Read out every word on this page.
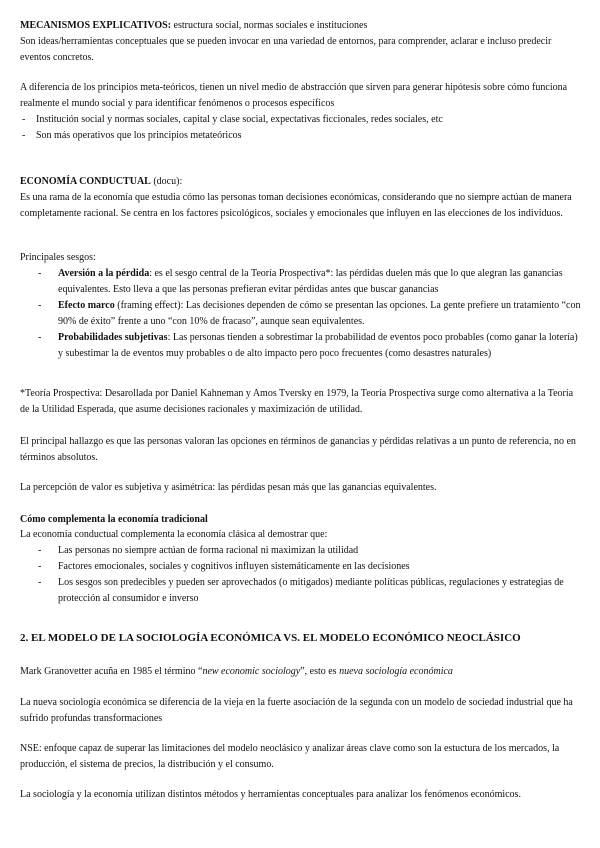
MECANISMOS EXPLICATIVOS: estructura social, normas sociales e instituciones
Son ideas/herramientas conceptuales que se pueden invocar en una variedad de entornos, para comprender, aclarar e incluso predecir eventos concretos.
A diferencia de los principios meta-teóricos, tienen un nivel medio de abstracción que sirven para generar hipótesis sobre cómo funciona realmente el mundo social y para identificar fenómenos o procesos específicos
- Institución social y normas sociales, capital y clase social, expectativas ficcionales, redes sociales, etc
- Son más operativos que los principios metateóricos
ECONOMÍA CONDUCTUAL (docu):
Es una rama de la economía que estudia cómo las personas toman decisiones económicas, considerando que no siempre actúan de manera completamente racional. Se centra en los factores psicológicos, sociales y emocionales que influyen en las elecciones de los individuos.
Principales sesgos:
- Aversión a la pérdida: es el sesgo central de la Teoría Prospectiva*: las pérdidas duelen más que lo que alegran las ganancias equivalentes. Esto lleva a que las personas prefieran evitar pérdidas antes que buscar ganancias
- Efecto marco (framing effect): Las decisiones dependen de cómo se presentan las opciones. La gente prefiere un tratamiento “con 90% de éxito” frente a uno “con 10% de fracaso”, aunque sean equivalentes.
- Probabilidades subjetivas: Las personas tienden a sobrestimar la probabilidad de eventos poco probables (como ganar la lotería) y subestimar la de eventos muy probables o de alto impacto pero poco frecuentes (como desastres naturales)
*Teoría Prospectiva: Desarollada por Daniel Kahneman y Amos Tversky en 1979, la Teoría Prospectiva surge como alternativa a la Teoría de la Utilidad Esperada, que asume decisiones racionales y maximización de utilidad.
El principal hallazgo es que las personas valoran las opciones en términos de ganancias y pérdidas relativas a un punto de referencia, no en términos absolutos.
La percepción de valor es subjetiva y asimétrica: las pérdidas pesan más que las ganancias equivalentes.
Cómo complementa la economía tradicional
La economía conductual complementa la economía clásica al demostrar que:
- Las personas no siempre actúan de forma racional ni maximizan la utilidad
- Factores emocionales, sociales y cognitivos influyen sistemáticamente en las decisiones
- Los sesgos son predecibles y pueden ser aprovechados (o mitigados) mediante políticas públicas, regulaciones y estrategias de protección al consumidor e inverso
2. EL MODELO DE LA SOCIOLOGÍA ECONÓMICA VS. EL MODELO ECONÓMICO NEOCLÁSICO
Mark Granovetter acuña en 1985 el término “new economic sociology”, esto es nueva sociología económica
La nueva sociología económica se diferencia de la vieja en la fuerte asociación de la segunda con un modelo de sociedad industrial que ha sufrido profundas transformaciones
NSE: enfoque capaz de superar las limitaciones del modelo neoclásico y analizar áreas clave como son la estuctura de los mercados, la producción, el sistema de precios, la distribución y el consumo.
La sociología y la economía utilizan distintos métodos y herramientas conceptuales para analizar los fenómenos económicos.
